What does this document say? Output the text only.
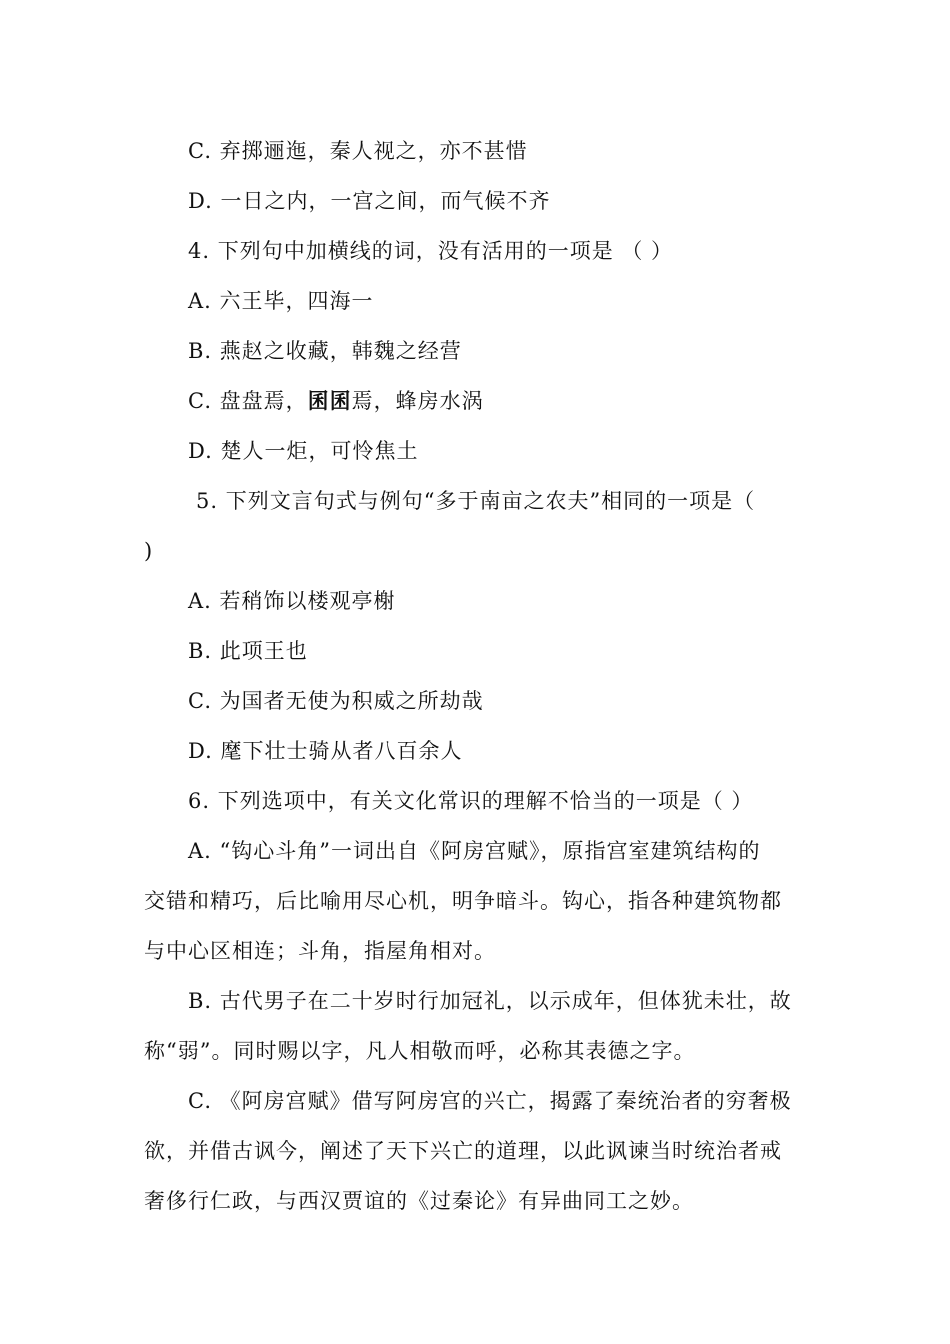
C. 弃掷逦迤，秦人视之，亦不甚惜
D. 一日之内，一宫之间，而气候不齐
4. 下列句中加横线的词，没有活用的一项是 （ ）
A. 六王毕，四海一
B. 燕赵之收藏，韩魏之经营
C. 盘盘焉，囷囷焉，蜂房水涡
D. 楚人一炬，可怜焦土
5. 下列文言句式与例句“多于南亩之农夫”相同的一项是（
)
A. 若稍饰以楼观亭榭
B. 此项王也
C. 为国者无使为积威之所劫哉
D. 麾下壮士骑从者八百余人
6. 下列选项中，有关文化常识的理解不恰当的一项是（ ）
A. “钩心斗角”一词出自《阿房宫赋》，原指宫室建筑结构的
交错和精巧，后比喻用尽心机，明争暗斗。钩心，指各种建筑物都
与中心区相连；斗角，指屋角相对。
B. 古代男子在二十岁时行加冠礼，以示成年，但体犹未壮，故
称“弱”。同时赐以字，凡人相敬而呼，必称其表德之字。
C. 《阿房宫赋》借写阿房宫的兴亡，揭露了秦统治者的穷奢极
欲，并借古讽今，阐述了天下兴亡的道理，以此讽谏当时统治者戒
奢侈行仁政，与西汉贾谊的《过秦论》有异曲同工之妙。
